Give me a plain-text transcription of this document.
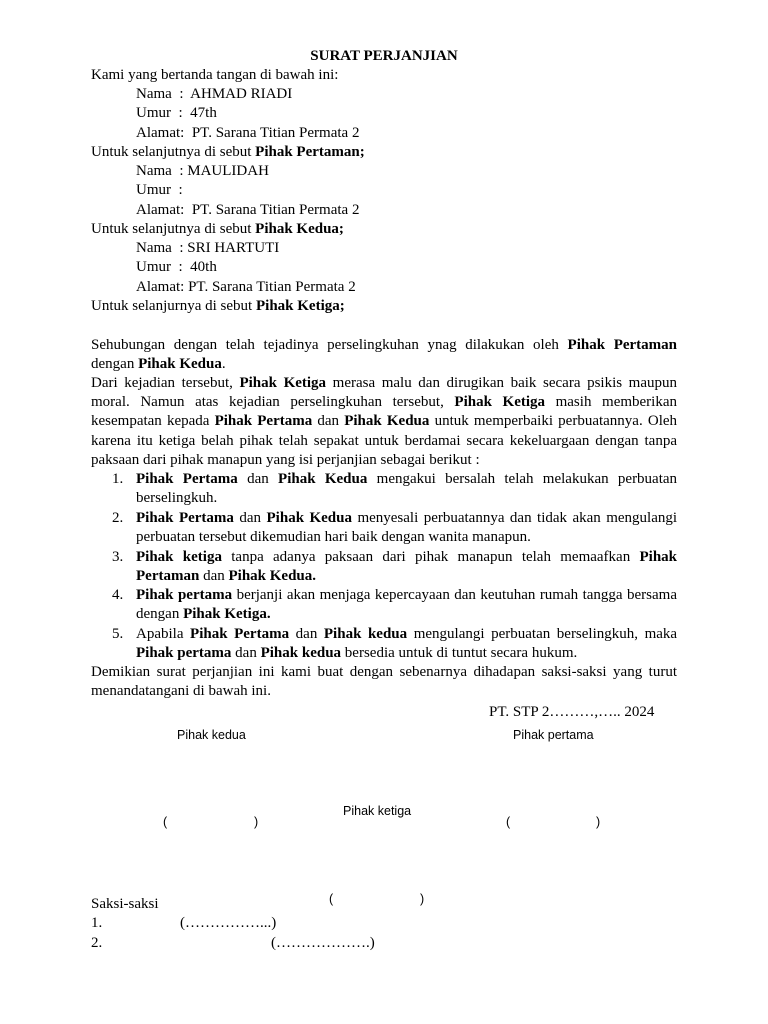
SURAT PERJANJIAN
Kami yang bertanda tangan di bawah ini:
Nama  :  AHMAD RIADI
Umur  :  47th
Alamat: PT. Sarana Titian Permata 2
Untuk selanjutnya di sebut Pihak Pertaman;
Nama  : MAULIDAH
Umur  :
Alamat: PT. Sarana Titian Permata 2
Untuk selanjutnya di sebut Pihak Kedua;
Nama  : SRI HARTUTI
Umur  :  40th
Alamat: PT. Sarana Titian Permata 2
Untuk selanjurnya di sebut Pihak Ketiga;
Sehubungan dengan telah tejadinya perselingkuhan ynag dilakukan oleh Pihak Pertaman
dengan Pihak Kedua.
Dari kejadian tersebut, Pihak Ketiga merasa malu dan dirugikan baik secara psikis maupun
moral. Namun atas kejadian perselingkuhan tersebut, Pihak Ketiga masih memberikan
kesempatan kepada Pihak Pertama dan Pihak Kedua untuk memperbaiki perbuatannya. Oleh
karena itu ketiga belah pihak telah sepakat untuk berdamai secara kekeluargaan dengan tanpa
paksaan dari pihak manapun yang isi perjanjian sebagai berikut :
1. Pihak Pertama dan Pihak Kedua mengakui bersalah telah melakukan perbuatan
berselingkuh.
2. Pihak Pertama dan Pihak Kedua menyesali perbuatannya dan tidak akan mengulangi
perbuatan tersebut dikemudian hari baik dengan wanita manapun.
3. Pihak ketiga tanpa adanya paksaan dari pihak manapun telah memaafkan Pihak
Pertaman dan Pihak Kedua.
4. Pihak pertama berjanji akan menjaga kepercayaan dan keutuhan rumah tangga bersama
dengan Pihak Ketiga.
5. Apabila Pihak Pertama dan Pihak kedua mengulangi perbuatan berselingkuh, maka
Pihak pertama dan Pihak kedua bersedia untuk di tuntut secara hukum.
Demikian surat perjanjian ini kami buat dengan sebenarnya dihadapan saksi-saksi yang turut
menandatangani di bawah ini.
PT. STP 2………,….. 2024
Pihak kedua	Pihak pertama
Pihak ketiga
(	)	(	)
(	)
Saksi-saksi
1.	(……………...)
2.	(……………….)
